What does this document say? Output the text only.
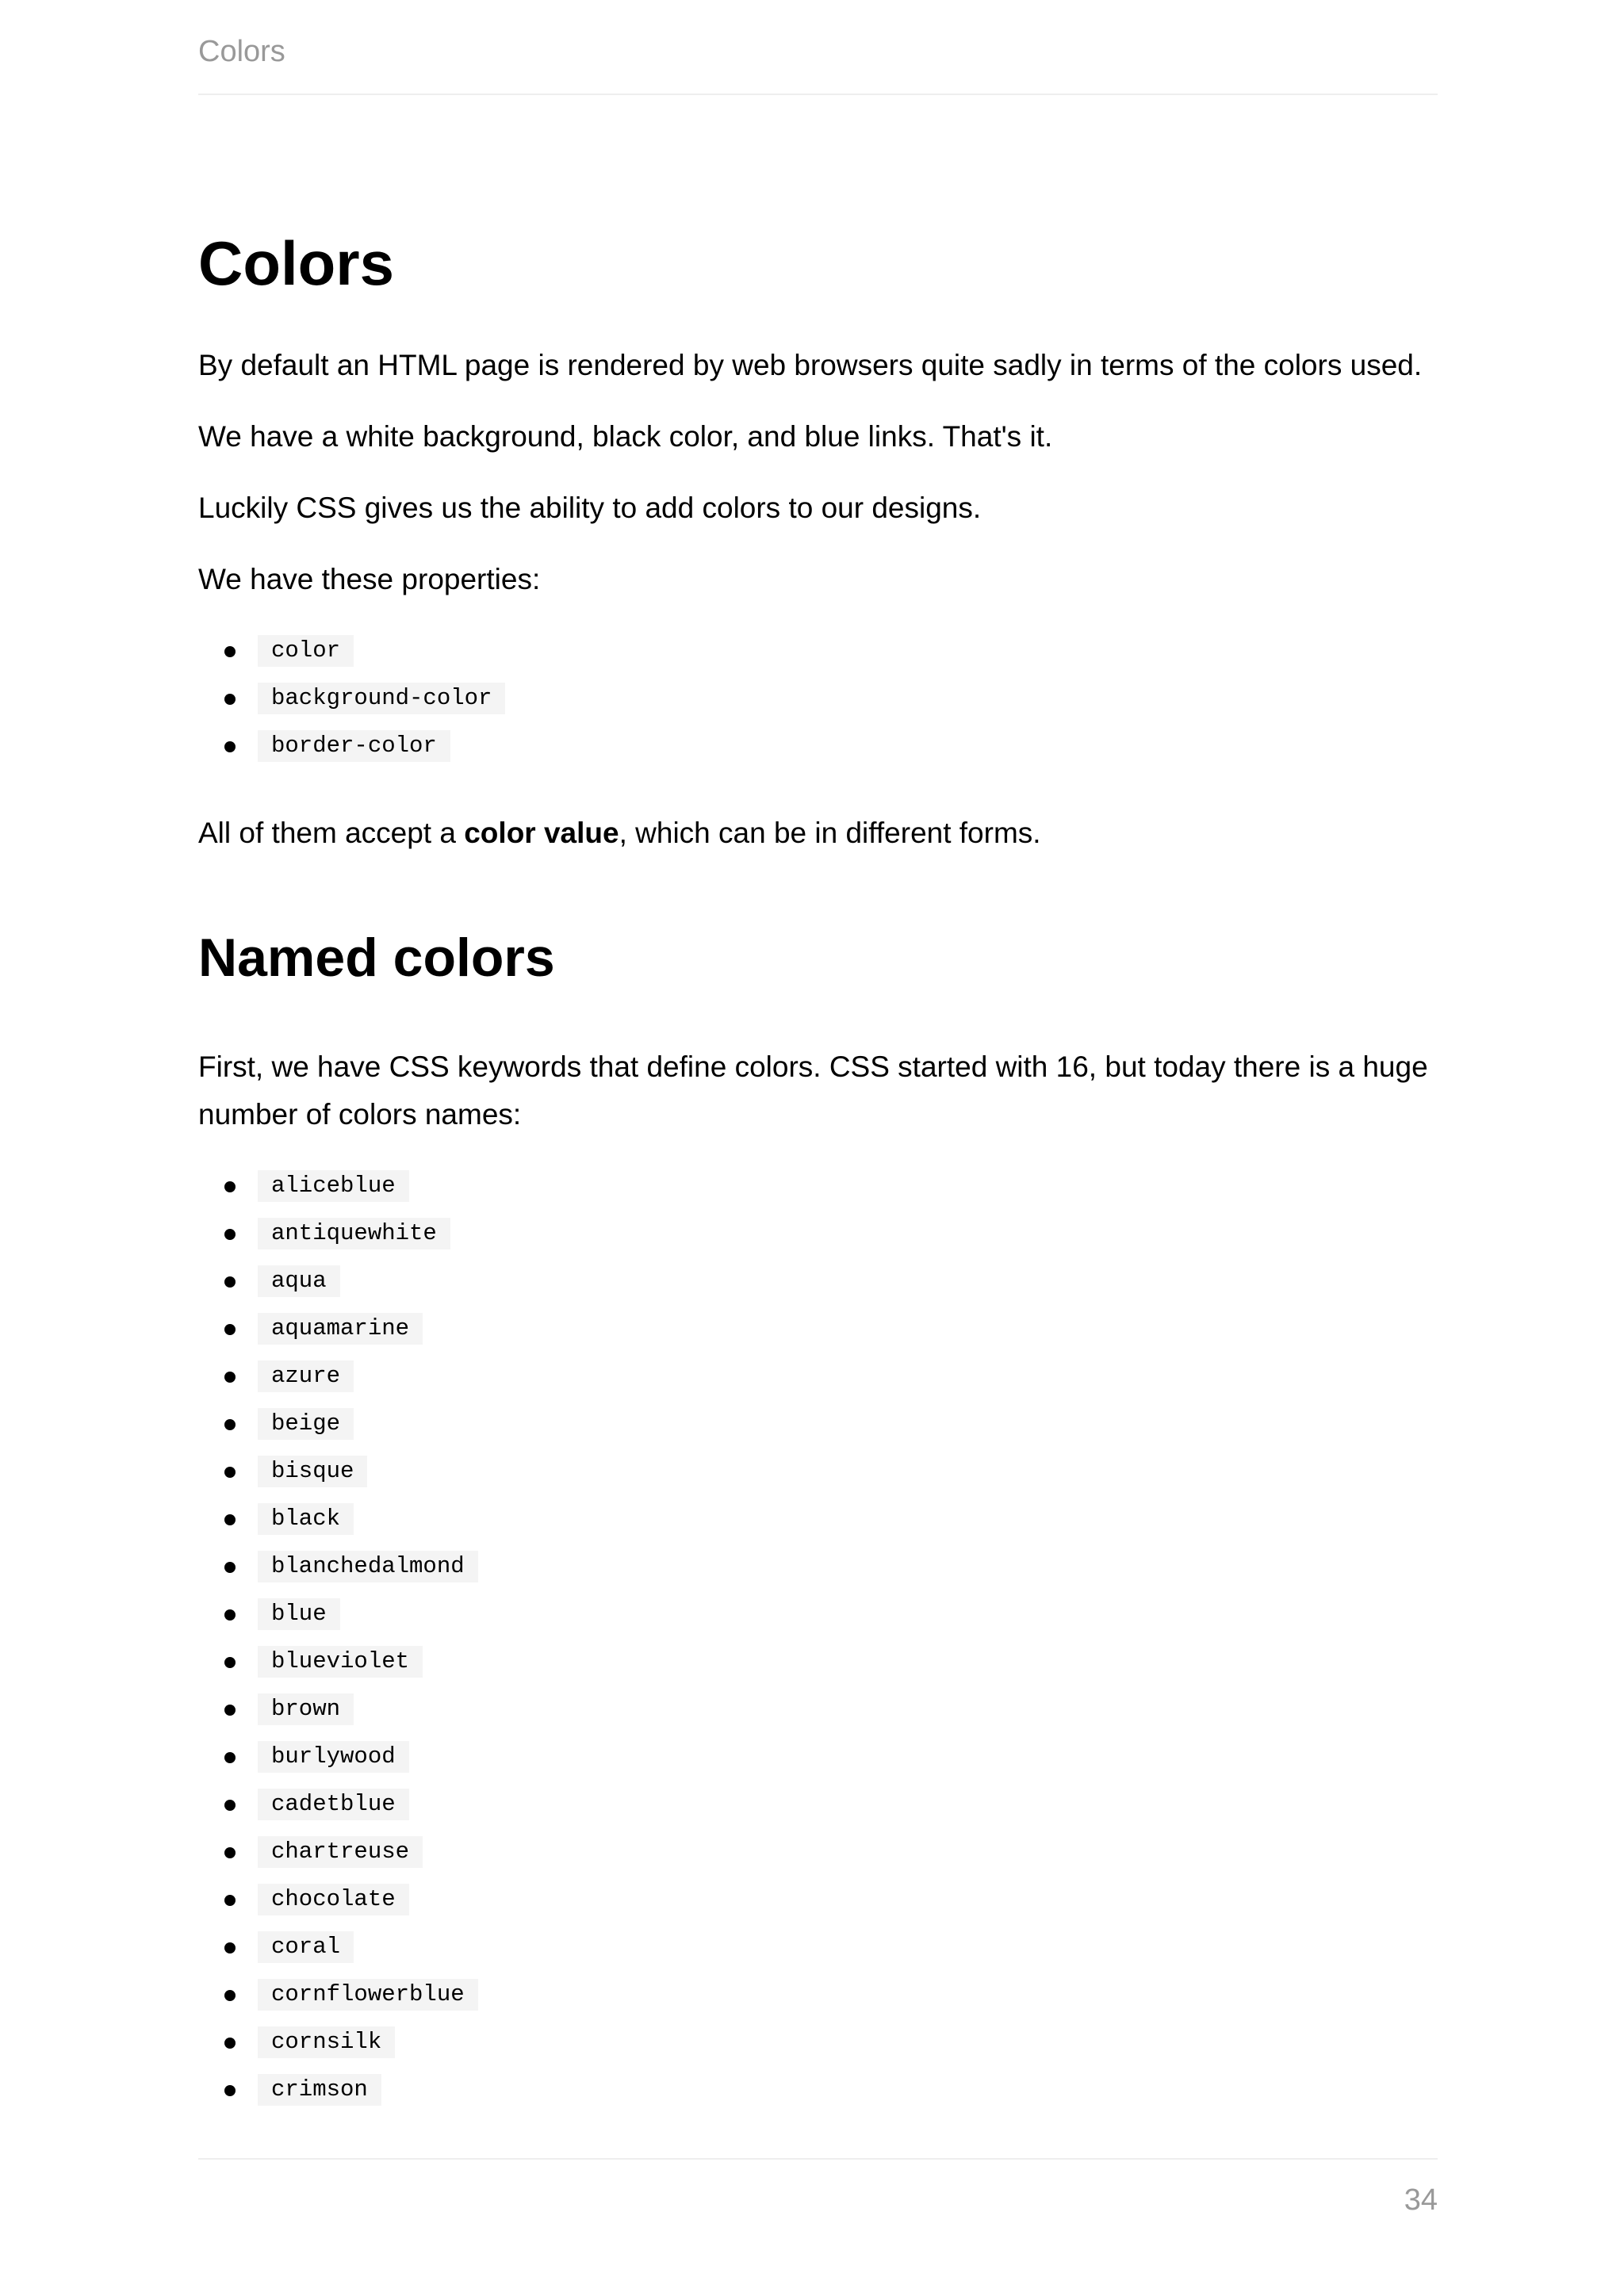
Colors
Colors

By default an HTML page is rendered by web browsers quite sadly in terms of the colors used.

We have a white background, black color, and blue links. That's it.

Luckily CSS gives us the ability to add colors to our designs.

We have these properties:

color
background-color
border-color

All of them accept a color value, which can be in different forms.

Named colors

First, we have CSS keywords that define colors. CSS started with 16, but today there is a huge number of colors names:

aliceblue
antiquewhite
aqua
aquamarine
azure
beige
bisque
black
blanchedalmond
blue
blueviolet
brown
burlywood
cadetblue
chartreuse
chocolate
coral
cornflowerblue
cornsilk
crimson
34
